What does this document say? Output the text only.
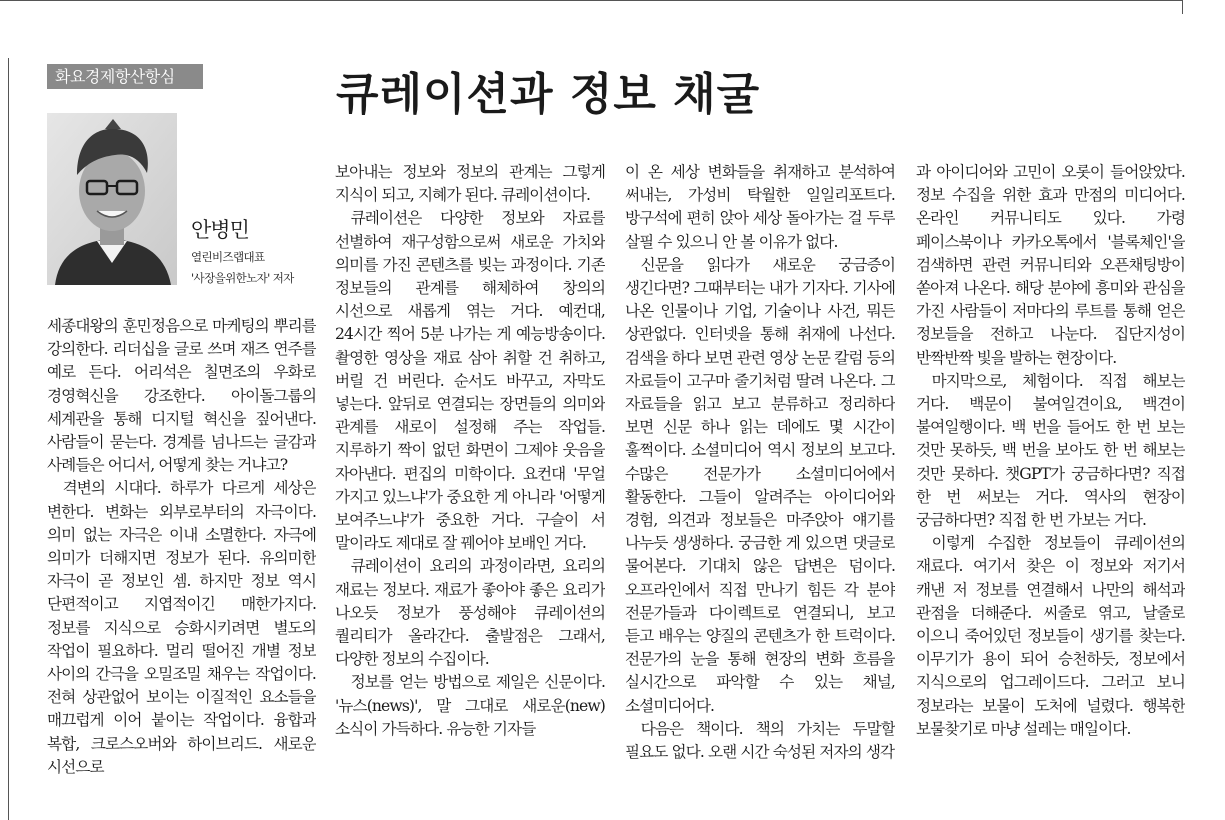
화요경제항산항심	큐레이션과 정보 채굴
안병민
열린비즈랩대표
'사장을위한노자' 저자

세종대왕의 훈민정음으로 마케팅의 뿌리를 강의한다. 리더십을 글로 쓰며 재즈 연주를 예로 든다. 어리석은 칠면조의 우화로 경영혁신을 강조한다. 아이돌그룹의 세계관을 통해 디지털 혁신을 짚어낸다. 사람들이 묻는다. 경계를 넘나드는 글감과 사례들은 어디서, 어떻게 찾는 거냐고?

격변의 시대다. 하루가 다르게 세상은 변한다. 변화는 외부로부터의 자극이다. 의미 없는 자극은 이내 소멸한다. 자극에 의미가 더해지면 정보가 된다. 유의미한 자극이 곧 정보인 셈. 하지만 정보 역시 단편적이고 지엽적이긴 매한가지다. 정보를 지식으로 승화시키려면 별도의 작업이 필요하다. 멀리 떨어진 개별 정보 사이의 간극을 오밀조밀 채우는 작업이다. 전혀 상관없어 보이는 이질적인 요소들을 매끄럽게 이어 붙이는 작업이다. 융합과 복합, 크로스오버와 하이브리드. 새로운 시선으로

보아내는 정보와 정보의 관계는 그렇게 지식이 되고, 지혜가 된다. 큐레이션이다.

큐레이션은 다양한 정보와 자료를 선별하여 재구성함으로써 새로운 가치와 의미를 가진 콘텐츠를 빚는 과정이다. 기존 정보들의 관계를 해체하여 창의의 시선으로 새롭게 엮는 거다. 예컨대, 24시간 찍어 5분 나가는 게 예능방송이다. 촬영한 영상을 재료 삼아 취할 건 취하고, 버릴 건 버린다. 순서도 바꾸고, 자막도 넣는다. 앞뒤로 연결되는 장면들의 의미와 관계를 새로이 설정해 주는 작업들. 지루하기 짝이 없던 화면이 그제야 웃음을 자아낸다. 편집의 미학이다. 요컨대 '무얼 가지고 있느냐'가 중요한 게 아니라 '어떻게 보여주느냐'가 중요한 거다. 구슬이 서 말이라도 제대로 잘 꿰어야 보배인 거다.

큐레이션이 요리의 과정이라면, 요리의 재료는 정보다. 재료가 좋아야 좋은 요리가 나오듯 정보가 풍성해야 큐레이션의 퀄리티가 올라간다. 출발점은 그래서, 다양한 정보의 수집이다.

정보를 얻는 방법으로 제일은 신문이다. '뉴스(news)', 말 그대로 새로운(new) 소식이 가득하다. 유능한 기자들

이 온 세상 변화들을 취재하고 분석하여 써내는, 가성비 탁월한 일일리포트다. 방구석에 편히 앉아 세상 돌아가는 걸 두루 살필 수 있으니 안 볼 이유가 없다.

신문을 읽다가 새로운 궁금증이 생긴다면? 그때부터는 내가 기자다. 기사에 나온 인물이나 기업, 기술이나 사건, 뭐든 상관없다. 인터넷을 통해 취재에 나선다. 검색을 하다 보면 관련 영상 논문 칼럼 등의 자료들이 고구마 줄기처럼 딸려 나온다. 그 자료들을 읽고 보고 분류하고 정리하다 보면 신문 하나 읽는 데에도 몇 시간이 훌쩍이다. 소셜미디어 역시 정보의 보고다. 수많은 전문가가 소셜미디어에서 활동한다. 그들이 알려주는 아이디어와 경험, 의견과 정보들은 마주앉아 얘기를 나누듯 생생하다. 궁금한 게 있으면 댓글로 물어본다. 기대치 않은 답변은 덤이다. 오프라인에서 직접 만나기 힘든 각 분야 전문가들과 다이렉트로 연결되니, 보고 듣고 배우는 양질의 콘텐츠가 한 트럭이다. 전문가의 눈을 통해 현장의 변화 흐름을 실시간으로 파악할 수 있는 채널, 소셜미디어다.

다음은 책이다. 책의 가치는 두말할 필요도 없다. 오랜 시간 숙성된 저자의 생각

과 아이디어와 고민이 오롯이 들어앉았다. 정보 수집을 위한 효과 만점의 미디어다. 온라인 커뮤니티도 있다. 가령 페이스북이나 카카오톡에서 '블록체인'을 검색하면 관련 커뮤니티와 오픈채팅방이 쏟아져 나온다. 해당 분야에 흥미와 관심을 가진 사람들이 저마다의 루트를 통해 얻은 정보들을 전하고 나눈다. 집단지성이 반짝반짝 빛을 발하는 현장이다.

마지막으로, 체험이다. 직접 해보는 거다. 백문이 불여일견이요, 백견이 불여일행이다. 백 번을 들어도 한 번 보는 것만 못하듯, 백 번을 보아도 한 번 해보는 것만 못하다. 챗GPT가 궁금하다면? 직접 한 번 써보는 거다. 역사의 현장이 궁금하다면? 직접 한 번 가보는 거다.

이렇게 수집한 정보들이 큐레이션의 재료다. 여기서 찾은 이 정보와 저기서 캐낸 저 정보를 연결해서 나만의 해석과 관점을 더해준다. 씨줄로 엮고, 날줄로 이으니 죽어있던 정보들이 생기를 찾는다. 이무기가 용이 되어 승천하듯, 정보에서 지식으로의 업그레이드다. 그러고 보니 정보라는 보물이 도처에 널렸다. 행복한 보물찾기로 마냥 설레는 매일이다.
